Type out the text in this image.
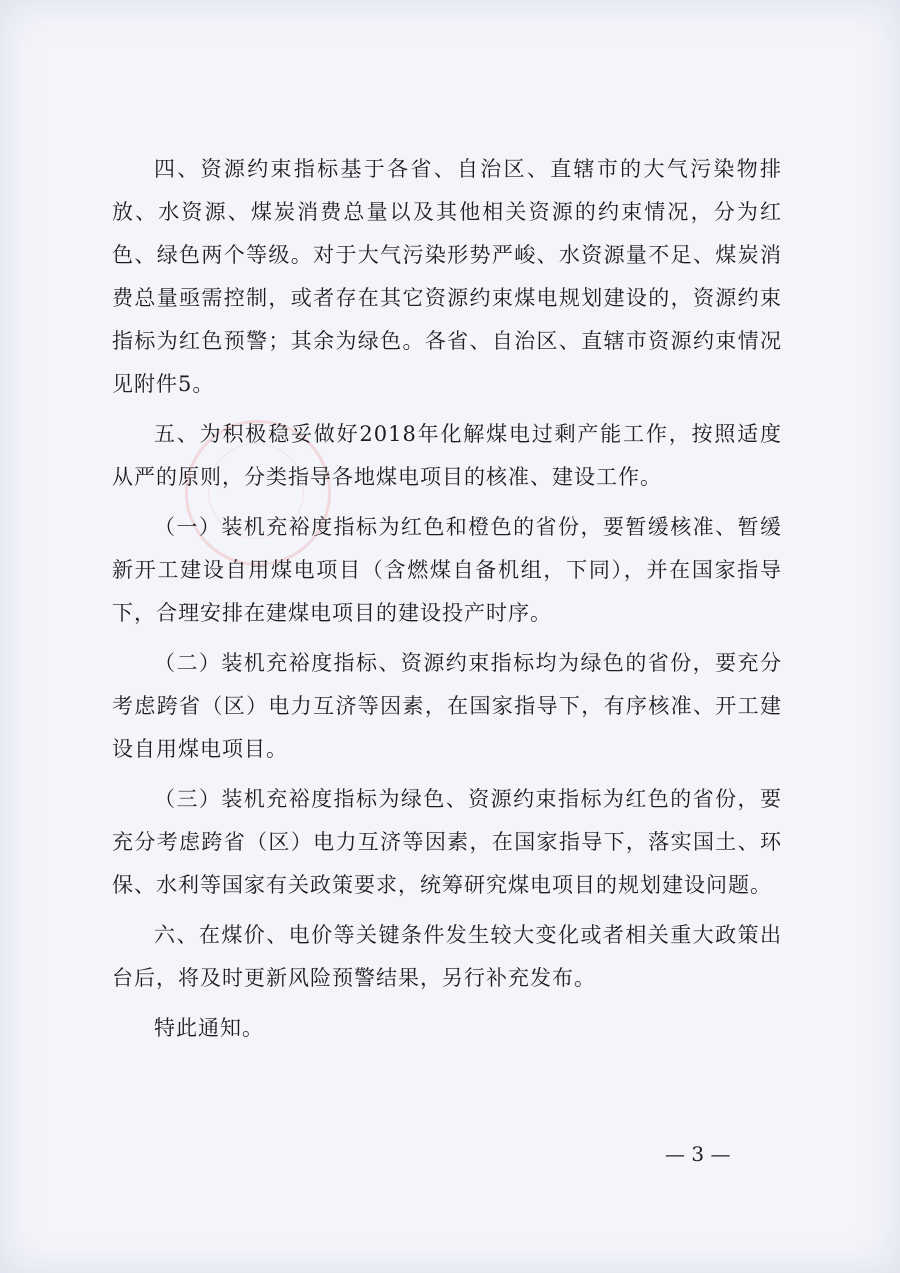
四、资源约束指标基于各省、自治区、直辖市的大气污染物排放、水资源、煤炭消费总量以及其他相关资源的约束情况，分为红色、绿色两个等级。对于大气污染形势严峻、水资源量不足、煤炭消费总量亟需控制，或者存在其它资源约束煤电规划建设的，资源约束指标为红色预警；其余为绿色。各省、自治区、直辖市资源约束情况见附件5。

五、为积极稳妥做好2018年化解煤电过剩产能工作，按照适度从严的原则，分类指导各地煤电项目的核准、建设工作。

（一）装机充裕度指标为红色和橙色的省份，要暂缓核准、暂缓新开工建设自用煤电项目（含燃煤自备机组，下同），并在国家指导下，合理安排在建煤电项目的建设投产时序。

（二）装机充裕度指标、资源约束指标均为绿色的省份，要充分考虑跨省（区）电力互济等因素，在国家指导下，有序核准、开工建设自用煤电项目。

（三）装机充裕度指标为绿色、资源约束指标为红色的省份，要充分考虑跨省（区）电力互济等因素，在国家指导下，落实国土、环保、水利等国家有关政策要求，统筹研究煤电项目的规划建设问题。

六、在煤价、电价等关键条件发生较大变化或者相关重大政策出台后，将及时更新风险预警结果，另行补充发布。

特此通知。

— 3 —
